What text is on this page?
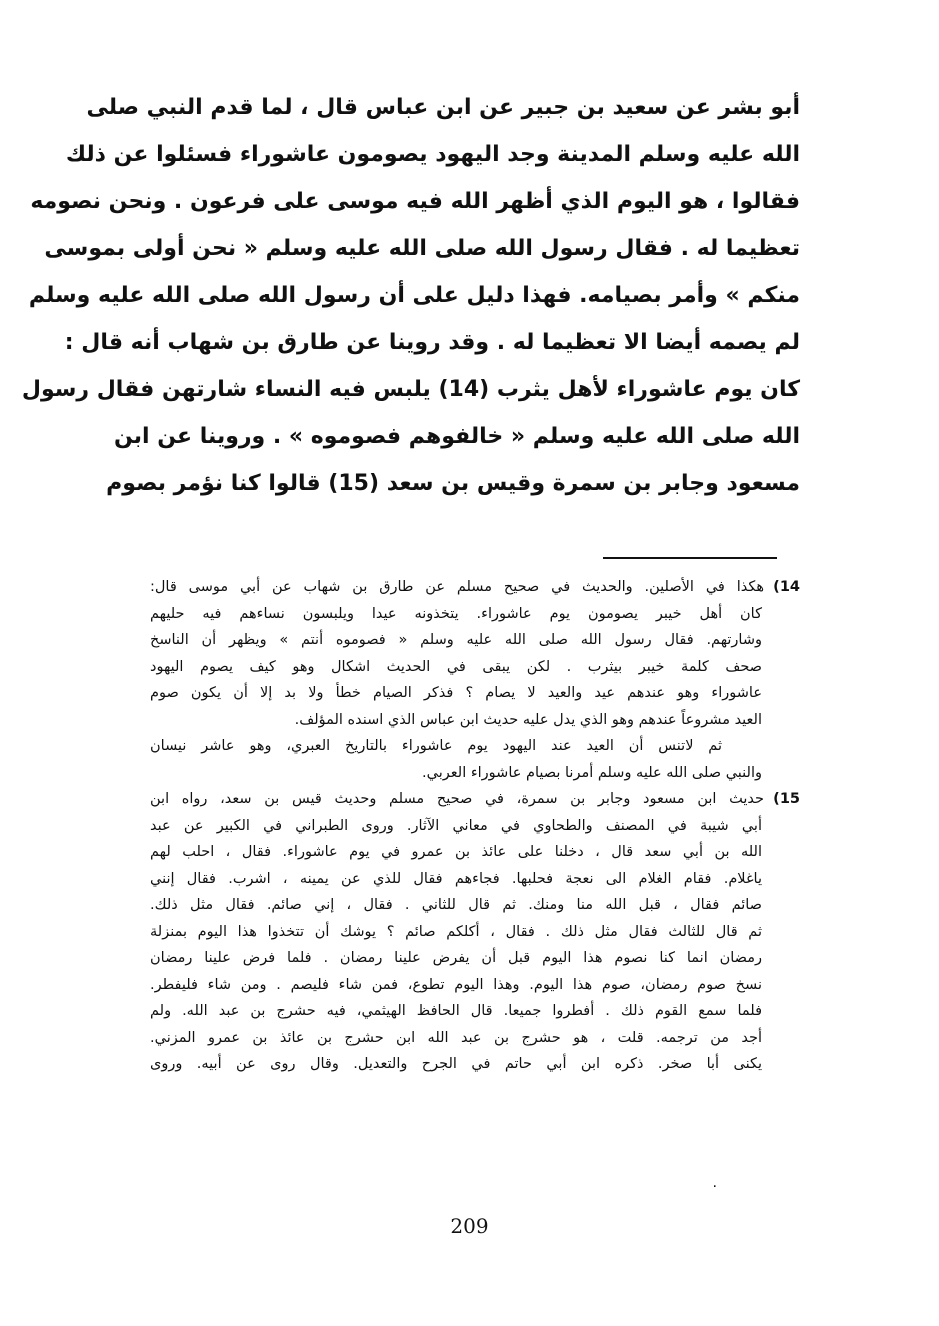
أبو بشر عن سعيد بن جبير عن ابن عباس قال ، لما قدم النبي صلى
الله عليه وسلم المدينة وجد اليهود يصومون عاشوراء فسئلوا عن ذلك
فقالوا ، هو اليوم الذي أظهر الله فيه موسى على فرعون . ونحن نصومه
تعظيما له . فقال رسول الله صلى الله عليه وسلم « نحن أولى بموسى
منكم » وأمر بصيامه. فهذا دليل على أن رسول الله صلى الله عليه وسلم
لم يصمه أيضا الا تعظيما له . وقد روينا عن طارق بن شهاب أنه قال :
كان يوم عاشوراء لأهل يثرب (14) يلبس فيه النساء شارتهن فقال رسول
الله صلى الله عليه وسلم « خالفوهم فصوموه » . وروينا عن ابن
مسعود وجابر بن سمرة وقيس بن سعد (15) قالوا كنا نؤمر بصوم
14)هكذا في الأصلين. والحديث في صحيح مسلم عن طارق بن شهاب عن أبي موسى قال:
كان أهل خيبر يصومون يوم عاشوراء. يتخذونه عيدا ويلبسون نساءهم فيه حليهم
وشارتهم. فقال رسول الله صلى الله عليه وسلم « فصوموه أنتم » ويظهر أن الناسخ
صحف كلمة خيبر بيثرب . لكن يبقى في الحديث اشكال وهو كيف يصوم اليهود
عاشوراء وهو عندهم عيد والعيد لا يصام ؟ فذكر الصيام خطأ ولا بد إلا أن يكون صوم
العيد مشروعاً عندهم وهو الذي يدل عليه حديث ابن عباس الذي اسنده المؤلف.
ثم لاتنس أن العيد عند اليهود يوم عاشوراء بالتاريخ العبري، وهو عاشر نيسان
والنبي صلى الله عليه وسلم أمرنا بصيام عاشوراء العربي.
15)حديث ابن مسعود وجابر بن سمرة، في صحيح مسلم وحديث قيس بن سعد، رواه ابن
أبي شيبة في المصنف والطحاوي في معاني الآثار. وروى الطبراني في الكبير عن عبد
الله بن أبي سعد قال ، دخلنا على عائذ بن عمرو في يوم عاشوراء. فقال ، احلب لهم
ياغلام. فقام الغلام الى نعجة فحلبها. فجاءهم فقال للذي عن يمينه ، اشرب. فقال إنني
صائم فقال ، قبل الله منا ومنك. ثم قال للثاني . فقال ، إني صائم. فقال مثل ذلك.
ثم قال للثالث فقال مثل ذلك . فقال ، أكلكم صائم ؟ يوشك أن تتخذوا هذا اليوم بمنزلة
رمضان انما كنا نصوم هذا اليوم قبل أن يفرض علينا رمضان . فلما فرض علينا رمضان
نسخ صوم رمضان، صوم هذا اليوم. وهذا اليوم تطوع، فمن شاء فليصم . ومن شاء فليفطر.
فلما سمع القوم ذلك . أفطروا جميعا. قال الحافظ الهيثمي، فيه حشرج بن عبد الله. ولم
أجد من ترجمه. قلت ، هو حشرج بن عبد الله ابن حشرج بن عائذ بن عمرو المزني.
يكنى أبا صخر. ذكره ابن أبي حاتم في الجرح والتعديل. وقال روى عن أبيه. وروى
٠
209
